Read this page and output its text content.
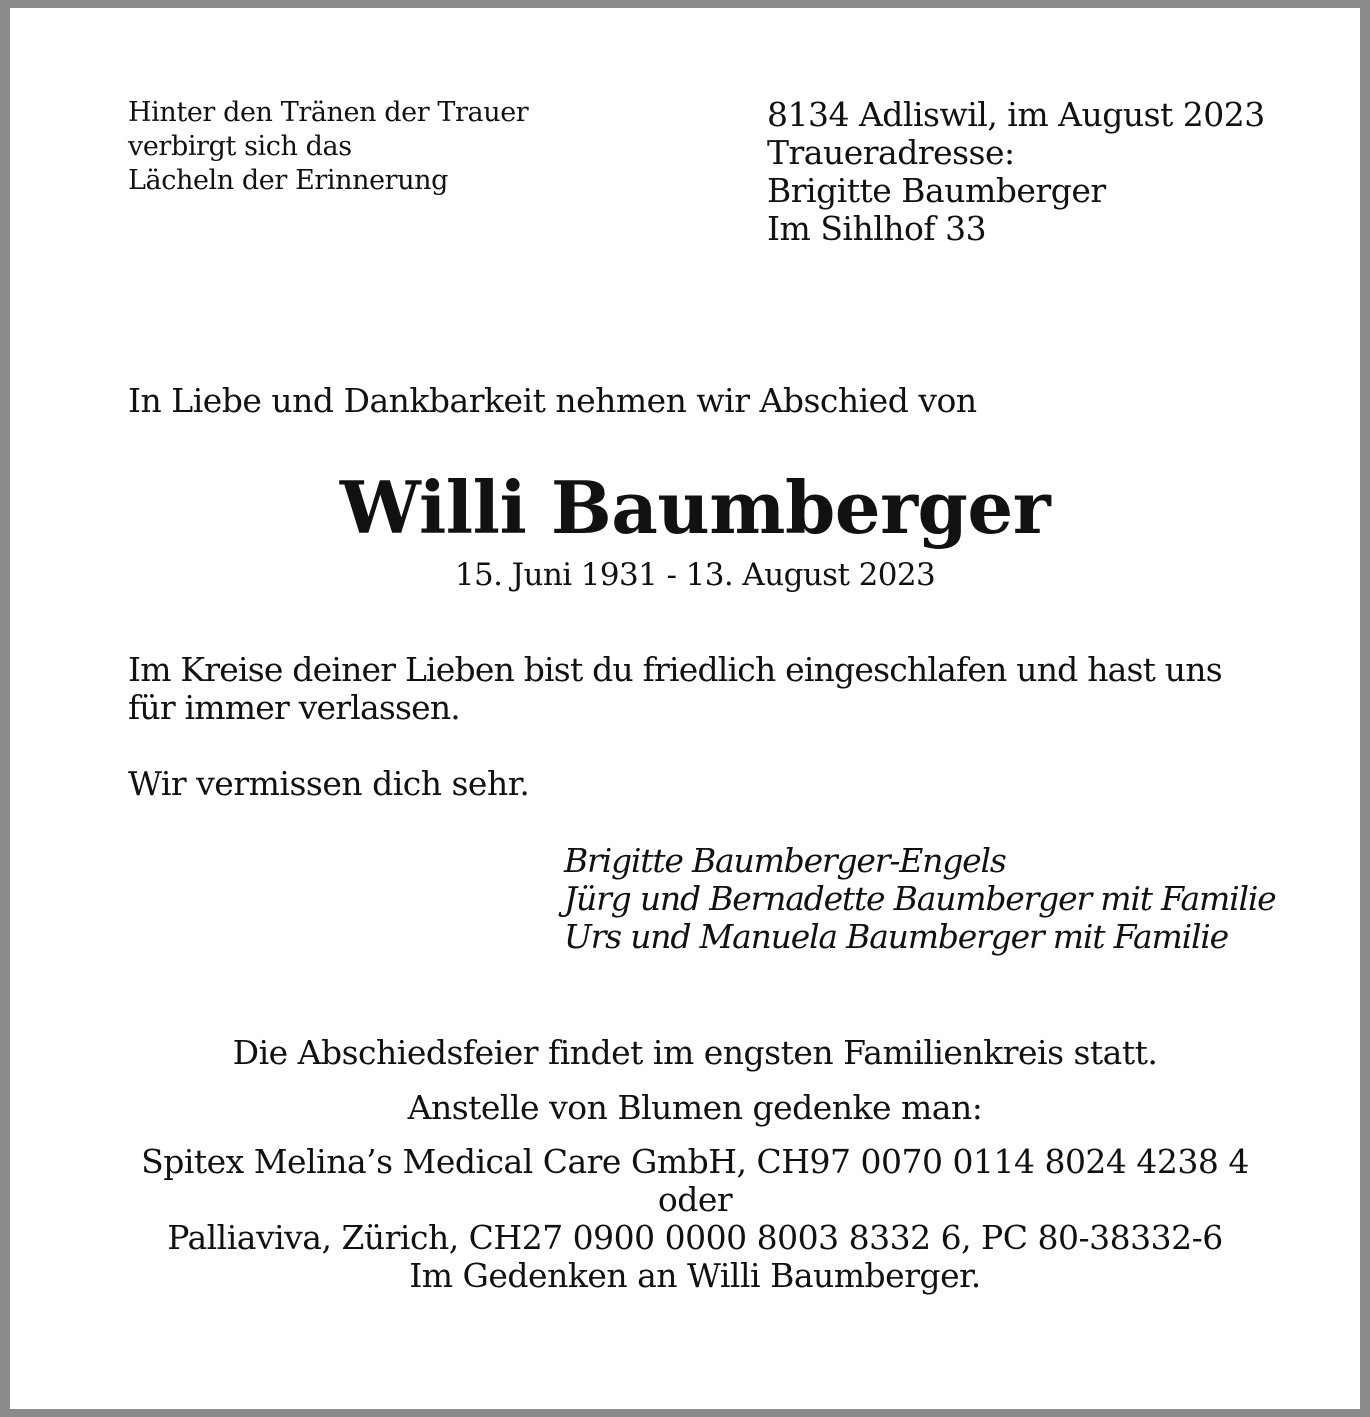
Hinter den Tränen der Trauer
verbirgt sich das
Lächeln der Erinnerung
8134 Adliswil, im August 2023
Traueradresse:
Brigitte Baumberger
Im Sihlhof 33
In Liebe und Dankbarkeit nehmen wir Abschied von
Willi Baumberger
15. Juni 1931 - 13. August 2023
Im Kreise deiner Lieben bist du friedlich eingeschlafen und hast uns
für immer verlassen.
Wir vermissen dich sehr.
Brigitte Baumberger-Engels
Jürg und Bernadette Baumberger mit Familie
Urs und Manuela Baumberger mit Familie
Die Abschiedsfeier findet im engsten Familienkreis statt.
Anstelle von Blumen gedenke man:
Spitex Melina’s Medical Care GmbH, CH97 0070 0114 8024 4238 4
oder
Palliaviva, Zürich, CH27 0900 0000 8003 8332 6, PC 80-38332-6
Im Gedenken an Willi Baumberger.
